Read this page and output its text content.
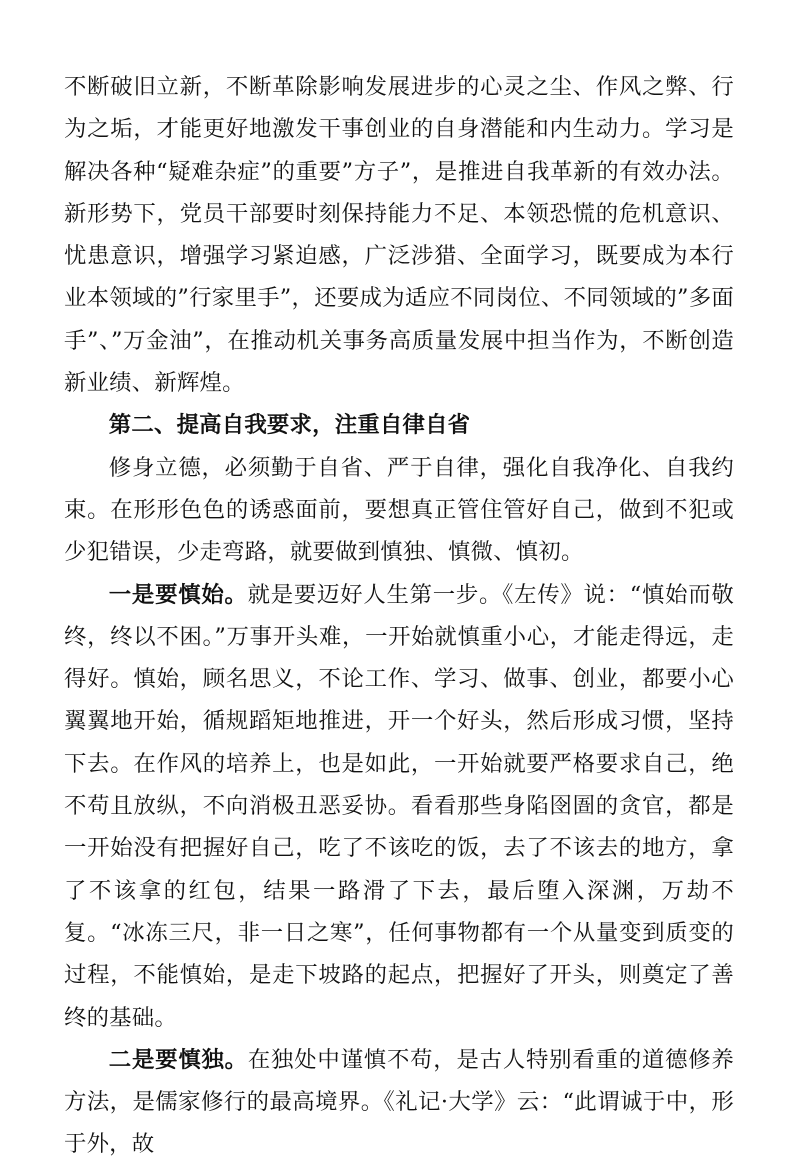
不断破旧立新，不断革除影响发展进步的心灵之尘、作风之弊、行为之垢，才能更好地激发干事创业的自身潜能和内生动力。学习是解决各种“疑难杂症”的重要”方子”，是推进自我革新的有效办法。新形势下，党员干部要时刻保持能力不足、本领恐慌的危机意识、忧患意识，增强学习紧迫感，广泛涉猎、全面学习，既要成为本行业本领域的”行家里手”，还要成为适应不同岗位、不同领域的”多面手”、”万金油”，在推动机关事务高质量发展中担当作为，不断创造新业绩、新辉煌。

第二、提高自我要求，注重自律自省

修身立德，必须勤于自省、严于自律，强化自我净化、自我约束。在形形色色的诱惑面前，要想真正管住管好自己，做到不犯或少犯错误，少走弯路，就要做到慎独、慎微、慎初。

一是要慎始。就是要迈好人生第一步。《左传》说：“慎始而敬终，终以不困。”万事开头难，一开始就慎重小心，才能走得远，走得好。慎始，顾名思义，不论工作、学习、做事、创业，都要小心翼翼地开始，循规蹈矩地推进，开一个好头，然后形成习惯，坚持下去。在作风的培养上，也是如此，一开始就要严格要求自己，绝不苟且放纵，不向消极丑恶妥协。看看那些身陷囹圄的贪官，都是一开始没有把握好自己，吃了不该吃的饭，去了不该去的地方，拿了不该拿的红包，结果一路滑了下去，最后堕入深渊，万劫不复。“冰冻三尺，非一日之寒”，任何事物都有一个从量变到质变的过程，不能慎始，是走下坡路的起点，把握好了开头，则奠定了善终的基础。

二是要慎独。在独处中谨慎不苟，是古人特别看重的道德修养方法，是儒家修行的最高境界。《礼记·大学》云：“此谓诚于中，形于外，故
